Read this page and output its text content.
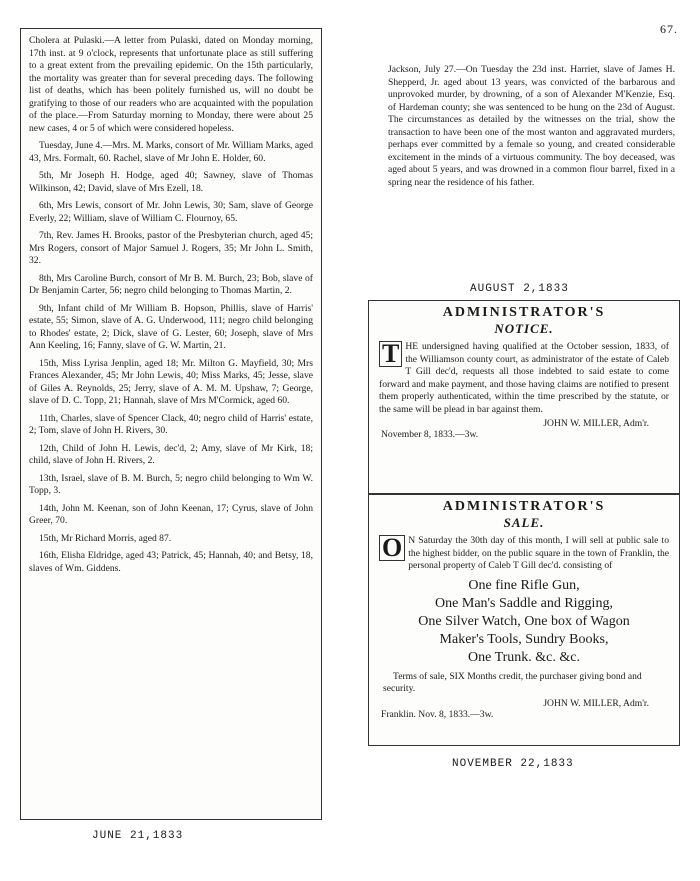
67.

Cholera at Pulaski.—A letter from Pulaski, dated on Monday morning, 17th inst. at 9 o'clock, represents that unfortunate place as still suffering to a great extent from the prevailing epidemic. On the 15th particularly, the mortality was greater than for several preceding days. The following list of deaths, which has been politely furnished us, will no doubt be gratifying to those of our readers who are acquainted with the population of the place.—From Saturday morning to Monday, there were about 25 new cases, 4 or 5 of which were considered hopeless.

Tuesday, June 4.—Mrs. M. Marks, consort of Mr. William Marks, aged 43, Mrs. Formalt, 60. Rachel, slave of Mr John E. Holder, 60.

5th, Mr Joseph H. Hodge, aged 40; Sawney, slave of Thomas Wilkinson, 42; David, slave of Mrs Ezell, 18.

6th, Mrs Lewis, consort of Mr. John Lewis, 30; Sam, slave of George Everly, 22; William, slave of William C. Flournoy, 65.

7th, Rev. James H. Brooks, pastor of the Presbyterian church, aged 45; Mrs Rogers, consort of Major Samuel J. Rogers, 35; Mr John L. Smith, 32.

8th, Mrs Caroline Burch, consort of Mr B. M. Burch, 23; Bob, slave of Dr Benjamin Carter, 56; negro child belonging to Thomas Martin, 2.

9th, Infant child of Mr William B. Hopson, Phillis, slave of Harris' estate, 55; Simon, slave of A. G. Underwood, 111; negro child belonging to Rhodes' estate, 2; Dick, slave of G. Lester, 60; Joseph, slave of Mrs Ann Keeling, 16; Fanny, slave of G. W. Martin, 21.

15th, Miss Lyrisa Jenplin, aged 18; Mr. Milton G. Mayfield, 30; Mrs Frances Alexander, 45; Mr John Lewis, 40; Miss Marks, 45; Jesse, slave of Giles A. Reynolds, 25; Jerry, slave of A. M. M. Upshaw, 7; George, slave of D. C. Topp, 21; Hannah, slave of Mrs M'Cormick, aged 60.

11th, Charles, slave of Spencer Clack, 40; negro child of Harris' estate, 2; Tom, slave of John H. Rivers, 30.

12th, Child of John H. Lewis, dec'd, 2; Amy, slave of Mr Kirk, 18; child, slave of John H. Rivers, 2.

13th, Israel, slave of B. M. Burch, 5; negro child belonging to Wm W. Topp, 3.

14th, John M. Keenan, son of John Keenan, 17; Cyrus, slave of John Greer, 70.

15th, Mr Richard Morris, aged 87.

16th, Elisha Eldridge, aged 43; Patrick, 45; Hannah, 40; and Betsy, 18, slaves of Wm. Giddens.

JUNE 21,1833

Jackson, July 27.—On Tuesday the 23d inst. Harriet, slave of James H. Shepperd, Jr. aged about 13 years, was convicted of the barbarous and unprovoked murder, by drowning, of a son of Alexander M'Kenzie, Esq. of Hardeman county; she was sentenced to be hung on the 23d of August. The circumstances as detailed by the witnesses on the trial, show the transaction to have been one of the most wanton and aggravated murders, perhaps ever committed by a female so young, and created considerable excitement in the minds of a virtuous community. The boy deceased, was aged about 5 years, and was drowned in a common flour barrel, fixed in a spring near the residence of his father.

AUGUST 2,1833
ADMINISTRATOR'S
NOTICE.
T HE undersigned having qualified at the October session, 1833, of the Williamson county court, as administrator of the estate of Caleb T Gill dec'd, requests all those indebted to said estate to come forward and make payment, and those having claims are notified to present them properly authenticated, within the time prescribed by the statute, or the same will be plead in bar against them.
JOHN W. MILLER, Adm'r.
November 8, 1833.—3w.
ADMINISTRATOR'S
SALE.
O N Saturday the 30th day of this month, I will sell at public sale to the highest bidder, on the public square in the town of Franklin, the personal property of Caleb T Gill dec'd. consisting of
One fine Rifle Gun,
One Man's Saddle and Rigging,
One Silver Watch, One box of Wagon
Maker's Tools, Sundry Books,
One Trunk. &c. &c.
Terms of sale, SIX Months credit, the purchaser giving bond and security.
JOHN W. MILLER, Adm'r.
Franklin. Nov. 8, 1833.—3w.
NOVEMBER 22,1833
